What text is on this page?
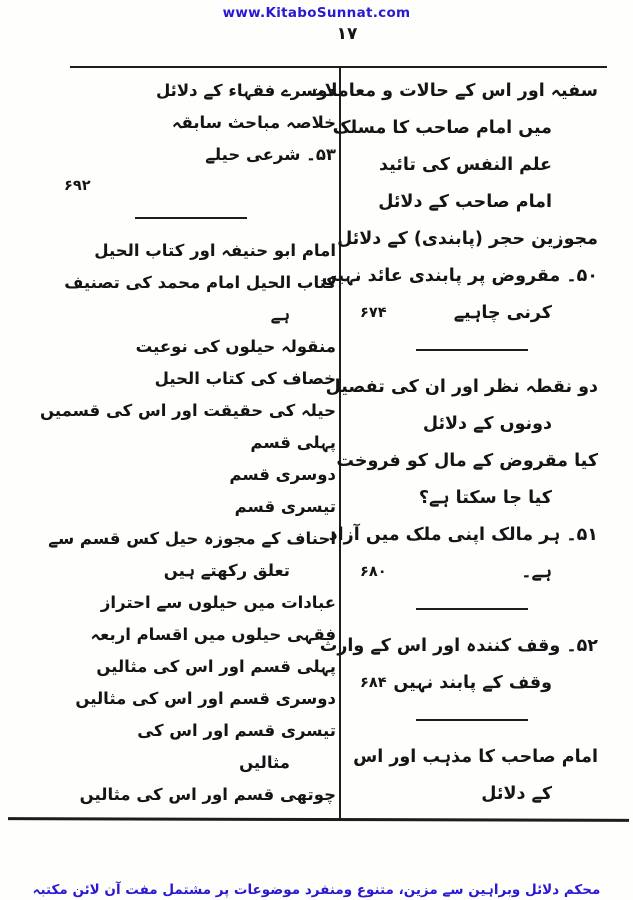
www.KitaboSunnat.com
۱۷
سفیہ اور اس کے حالات و معاملات
میں امام صاحب کا مسلک
علم النفس کی تائید
امام صاحب کے دلائل
مجوزین حجر (پابندی) کے دلائل
۵۰۔ مقروض پر پابندی عائد نہیں
کرنی چاہیے
۶۷۴
دو نقطہ نظر اور ان کی تفصیل
دونوں کے دلائل
کیا مقروض کے مال کو فروخت
کیا جا سکتا ہے؟
۵۱۔ ہر مالک اپنی ملک میں آزاد
ہے۔
۶۸۰
۵۲۔ وقف کنندہ اور اس کے وارث
وقف کے پابند نہیں
۶۸۴
امام صاحب کا مذہب اور اس
کے دلائل
دوسرے فقہاء کے دلائل
خلاصہ مباحث سابقہ
۵۳۔ شرعی حیلے
۶۹۲
امام ابو حنیفہ اور کتاب الحیل
کتاب الحیل امام محمد کی تصنیف
ہے
منقولہ حیلوں کی نوعیت
خصاف کی کتاب الحیل
حیلہ کی حقیقت اور اس کی قسمیں
پہلی قسم
دوسری قسم
تیسری قسم
احناف کے مجوزہ حیل کس قسم سے
تعلق رکھتے ہیں
عبادات میں حیلوں سے احتراز
فقہی حیلوں میں اقسام اربعہ
پہلی قسم اور اس کی مثالیں
دوسری قسم اور اس کی مثالیں
تیسری قسم اور اس کی
مثالیں
چوتھی قسم اور اس کی مثالیں
محکم دلائل وبراہین سے مزین، متنوع ومنفرد موضوعات پر مشتمل مفت آن لائن مکتبہ
